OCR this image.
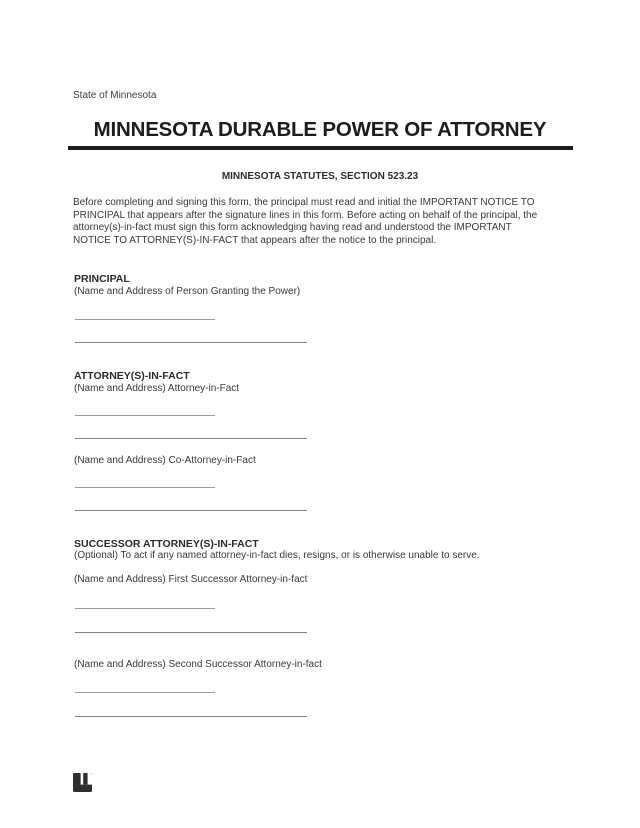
State of Minnesota
MINNESOTA DURABLE POWER OF ATTORNEY
MINNESOTA STATUTES, SECTION 523.23
Before completing and signing this form, the principal must read and initial the IMPORTANT NOTICE TO
PRINCIPAL that appears after the signature lines in this form. Before acting on behalf of the principal, the
attorney(s)-in-fact must sign this form acknowledging having read and understood the IMPORTANT
NOTICE TO ATTORNEY(S)-IN-FACT that appears after the notice to the principal.
PRINCIPAL
(Name and Address of Person Granting the Power)
ATTORNEY(S)-IN-FACT
(Name and Address) Attorney-in-Fact
(Name and Address) Co-Attorney-in-Fact
SUCCESSOR ATTORNEY(S)-IN-FACT
(Optional) To act if any named attorney-in-fact dies, resigns, or is otherwise unable to serve.
(Name and Address) First Successor Attorney-in-fact
(Name and Address) Second Successor Attorney-in-fact
